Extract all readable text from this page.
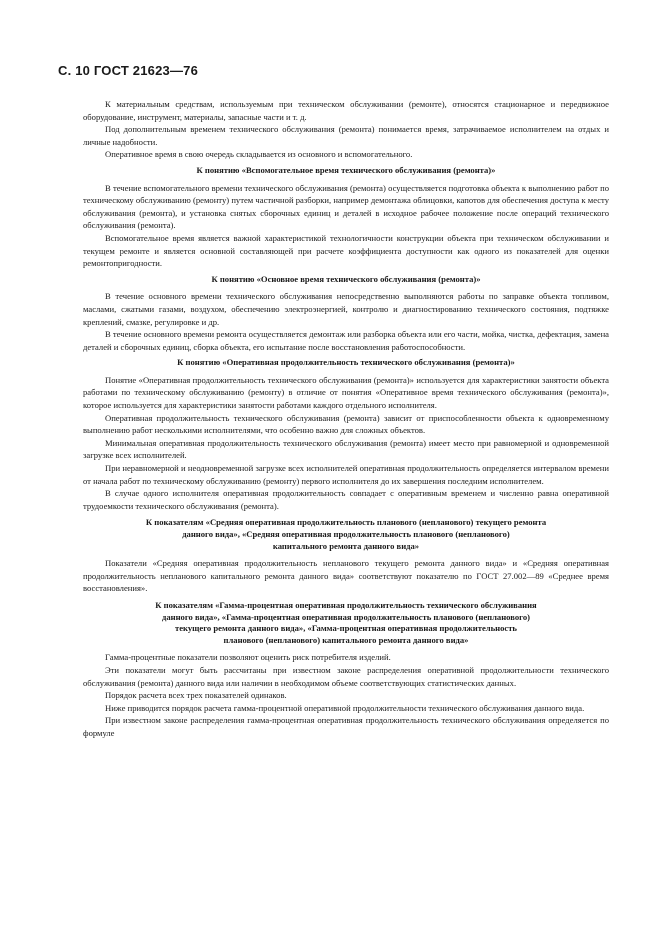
С. 10 ГОСТ 21623—76

К материальным средствам, используемым при техническом обслуживании (ремонте), относятся стационарное и передвижное оборудование, инструмент, материалы, запасные части и т. д.

Под дополнительным временем технического обслуживания (ремонта) понимается время, затрачиваемое исполнителем на отдых и личные надобности.

Оперативное время в свою очередь складывается из основного и вспомогательного.

К понятию «Вспомогательное время технического обслуживания (ремонта)»

В течение вспомогательного времени технического обслуживания (ремонта) осуществляется подготовка объекта к выполнению работ по техническому обслуживанию (ремонту) путем частичной разборки, например демонтажа облицовки, капотов для обеспечения доступа к месту обслуживания (ремонта), и установка снятых сборочных единиц и деталей в исходное рабочее положение после операций технического обслуживания (ремонта).

Вспомогательное время является важной характеристикой технологичности конструкции объекта при техническом обслуживании и текущем ремонте и является основной составляющей при расчете коэффициента доступности как одного из показателей для оценки ремонтопригодности.

К понятию «Основное время технического обслуживания (ремонта)»

В течение основного времени технического обслуживания непосредственно выполняются работы по заправке объекта топливом, маслами, сжатыми газами, воздухом, обеспечению электроэнергией, контролю и диагностированию технического состояния, подтяжке креплений, смазке, регулировке и др.

В течение основного времени ремонта осуществляется демонтаж или разборка объекта или его части, мойка, чистка, дефектация, замена деталей и сборочных единиц, сборка объекта, его испытание после восстановления работоспособности.

К понятию «Оперативная продолжительность технического обслуживания (ремонта)»

Понятие «Оперативная продолжительность технического обслуживания (ремонта)» используется для характеристики занятости объекта работами по техническому обслуживанию (ремонту) в отличие от понятия «Оперативное время технического обслуживания (ремонта)», которое используется для характеристики занятости работами каждого отдельного исполнителя.

Оперативная продолжительность технического обслуживания (ремонта) зависит от приспособленности объекта к одновременному выполнению работ несколькими исполнителями, что особенно важно для сложных объектов.

Минимальная оперативная продолжительность технического обслуживания (ремонта) имеет место при равномерной и одновременной загрузке всех исполнителей.

При неравномерной и неодновременной загрузке всех исполнителей оперативная продолжительность определяется интервалом времени от начала работ по техническому обслуживанию (ремонту) первого исполнителя до их завершения последним исполнителем.

В случае одного исполнителя оперативная продолжительность совпадает с оперативным временем и численно равна оперативной трудоемкости технического обслуживания (ремонта).

К показателям «Средняя оперативная продолжительность планового (непланового) текущего ремонта
данного вида», «Средняя оперативная продолжительность планового (непланового)
капитального ремонта данного вида»

Показатели «Средняя оперативная продолжительность непланового текущего ремонта данного вида» и «Средняя оперативная продолжительность непланового капитального ремонта данного вида» соответствуют показателю по ГОСТ 27.002—89 «Среднее время восстановления».

К показателям «Гамма-процентная оперативная продолжительность технического обслуживания
данного вида», «Гамма-процентная оперативная продолжительность планового (непланового)
текущего ремонта данного вида», «Гамма-процентная оперативная продолжительность
планового (непланового) капитального ремонта данного вида»

Гамма-процентные показатели позволяют оценить риск потребителя изделий.

Эти показатели могут быть рассчитаны при известном законе распределения оперативной продолжительности технического обслуживания (ремонта) данного вида или наличии в необходимом объеме соответствующих статистических данных.

Порядок расчета всех трех показателей одинаков.

Ниже приводится порядок расчета гамма-процентной оперативной продолжительности технического обслуживания данного вида.

При известном законе распределения гамма-процентная оперативная продолжительность технического обслуживания определяется по формуле
